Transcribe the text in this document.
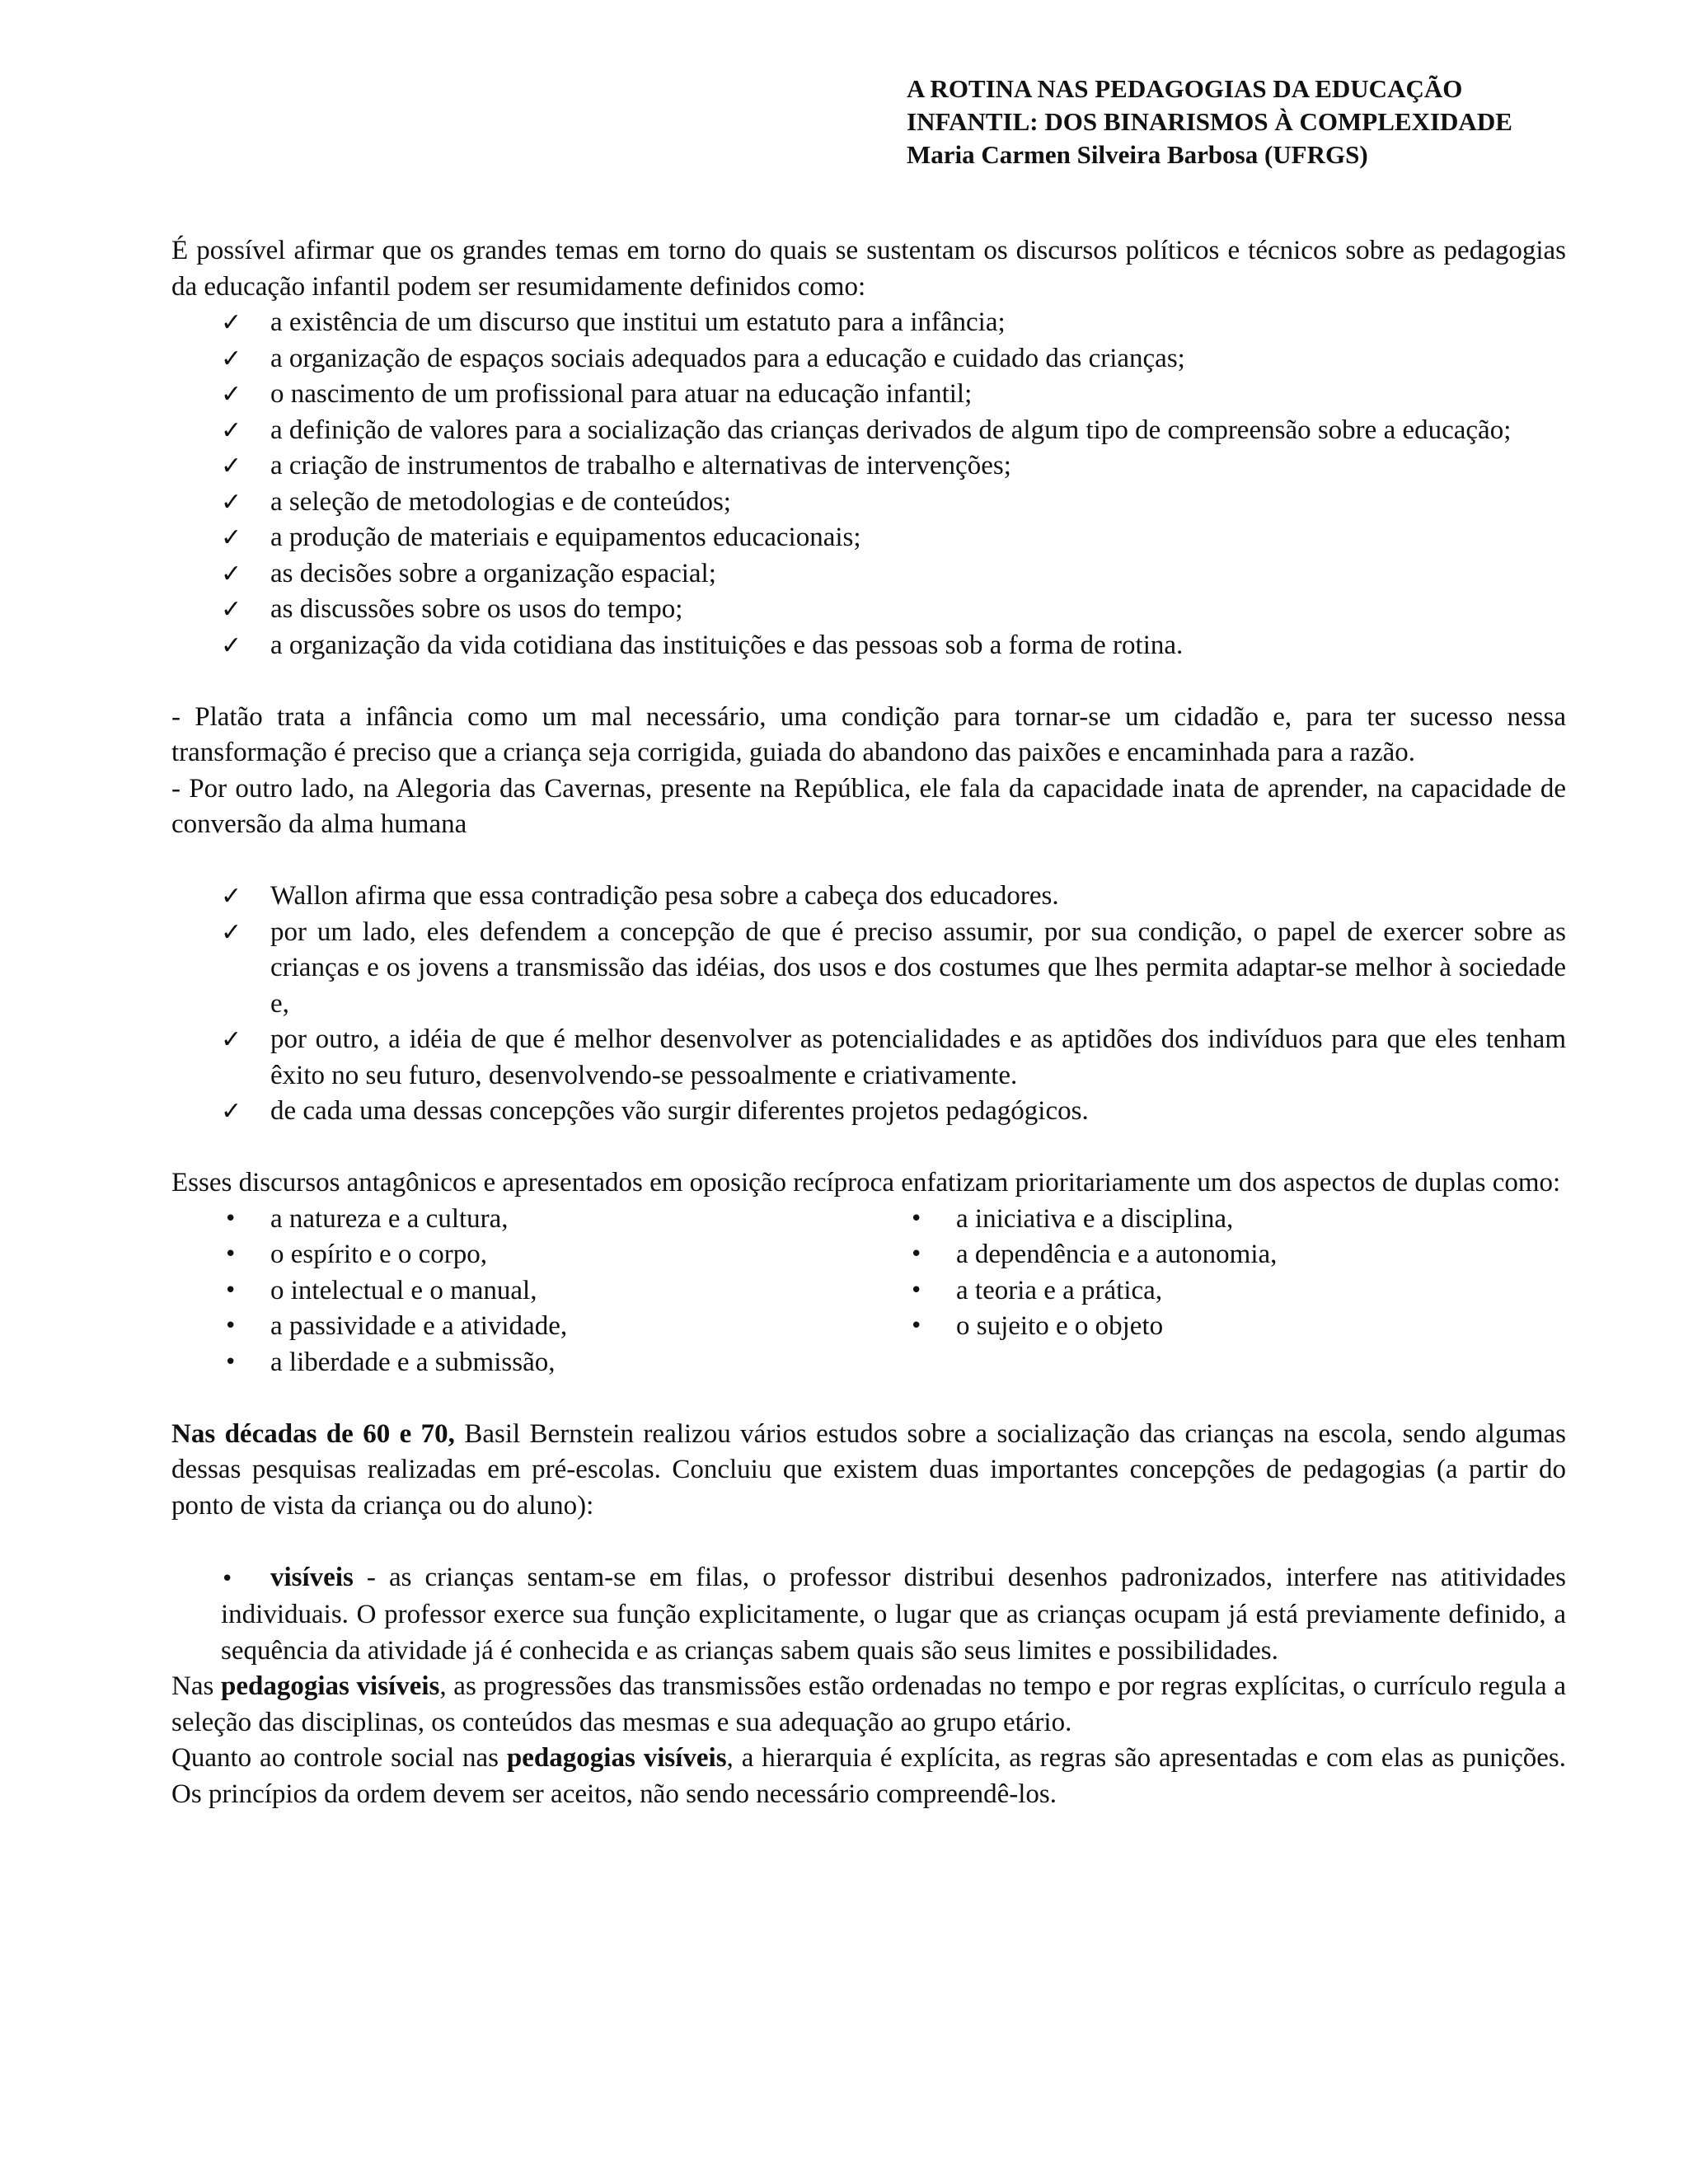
A ROTINA NAS PEDAGOGIAS DA EDUCAÇÃO
INFANTIL: DOS BINARISMOS À COMPLEXIDADE
Maria Carmen Silveira Barbosa (UFRGS)

É possível afirmar que os grandes temas em torno do quais se sustentam os discursos políticos e técnicos sobre as pedagogias da educação infantil podem ser resumidamente definidos como:

✓	a existência de um discurso que institui um estatuto para a infância;
✓	a organização de espaços sociais adequados para a educação e cuidado das crianças;
✓	o nascimento de um profissional para atuar na educação infantil;
✓	a definição de valores para a socialização das crianças derivados de algum tipo de compreensão sobre a educação;
✓	a criação de instrumentos de trabalho e alternativas de intervenções;
✓	a seleção de metodologias e de conteúdos;
✓	a produção de materiais e equipamentos educacionais;
✓	as decisões sobre a organização espacial;
✓	as discussões sobre os usos do tempo;
✓	a organização da vida cotidiana das instituições e das pessoas sob a forma de rotina.

- Platão trata a infância como um mal necessário, uma condição para tornar-se um cidadão e, para ter sucesso nessa transformação é preciso que a criança seja corrigida, guiada do abandono das paixões e encaminhada para a razão.

- Por outro lado, na Alegoria das Cavernas, presente na República, ele fala da capacidade inata de aprender, na capacidade de conversão da alma humana

✓	Wallon afirma que essa contradição pesa sobre a cabeça dos educadores.
✓	por um lado, eles defendem a concepção de que é preciso assumir, por sua condição, o papel de exercer sobre as crianças e os jovens a transmissão das idéias, dos usos e dos costumes que lhes permita adaptar-se melhor à sociedade e,
✓	por outro, a idéia de que é melhor desenvolver as potencialidades e as aptidões dos indivíduos para que eles tenham êxito no seu futuro, desenvolvendo-se pessoalmente e criativamente.
✓	de cada uma dessas concepções vão surgir diferentes projetos pedagógicos.

Esses discursos antagônicos e apresentados em oposição recíproca enfatizam prioritariamente um dos aspectos de duplas como:

•	a natureza e a cultura,
•	o espírito e o corpo,
•	o intelectual e o manual,
•	a passividade e a atividade,
•	a liberdade e a submissão,
•	a iniciativa e a disciplina,
•	a dependência e a autonomia,
•	a teoria e a prática,
•	o sujeito e o objeto

Nas décadas de 60 e 70, Basil Bernstein realizou vários estudos sobre a socialização das crianças na escola, sendo algumas dessas pesquisas realizadas em pré-escolas. Concluiu que existem duas importantes concepções de pedagogias (a partir do ponto de vista da criança ou do aluno):

• visíveis - as crianças sentam-se em filas, o professor distribui desenhos padronizados, interfere nas atitividades individuais. O professor exerce sua função explicitamente, o lugar que as crianças ocupam já está previamente definido, a sequência da atividade já é conhecida e as crianças sabem quais são seus limites e possibilidades.

Nas pedagogias visíveis, as progressões das transmissões estão ordenadas no tempo e por regras explícitas, o currículo regula a seleção das disciplinas, os conteúdos das mesmas e sua adequação ao grupo etário.

Quanto ao controle social nas pedagogias visíveis, a hierarquia é explícita, as regras são apresentadas e com elas as punições. Os princípios da ordem devem ser aceitos, não sendo necessário compreendê-los.
